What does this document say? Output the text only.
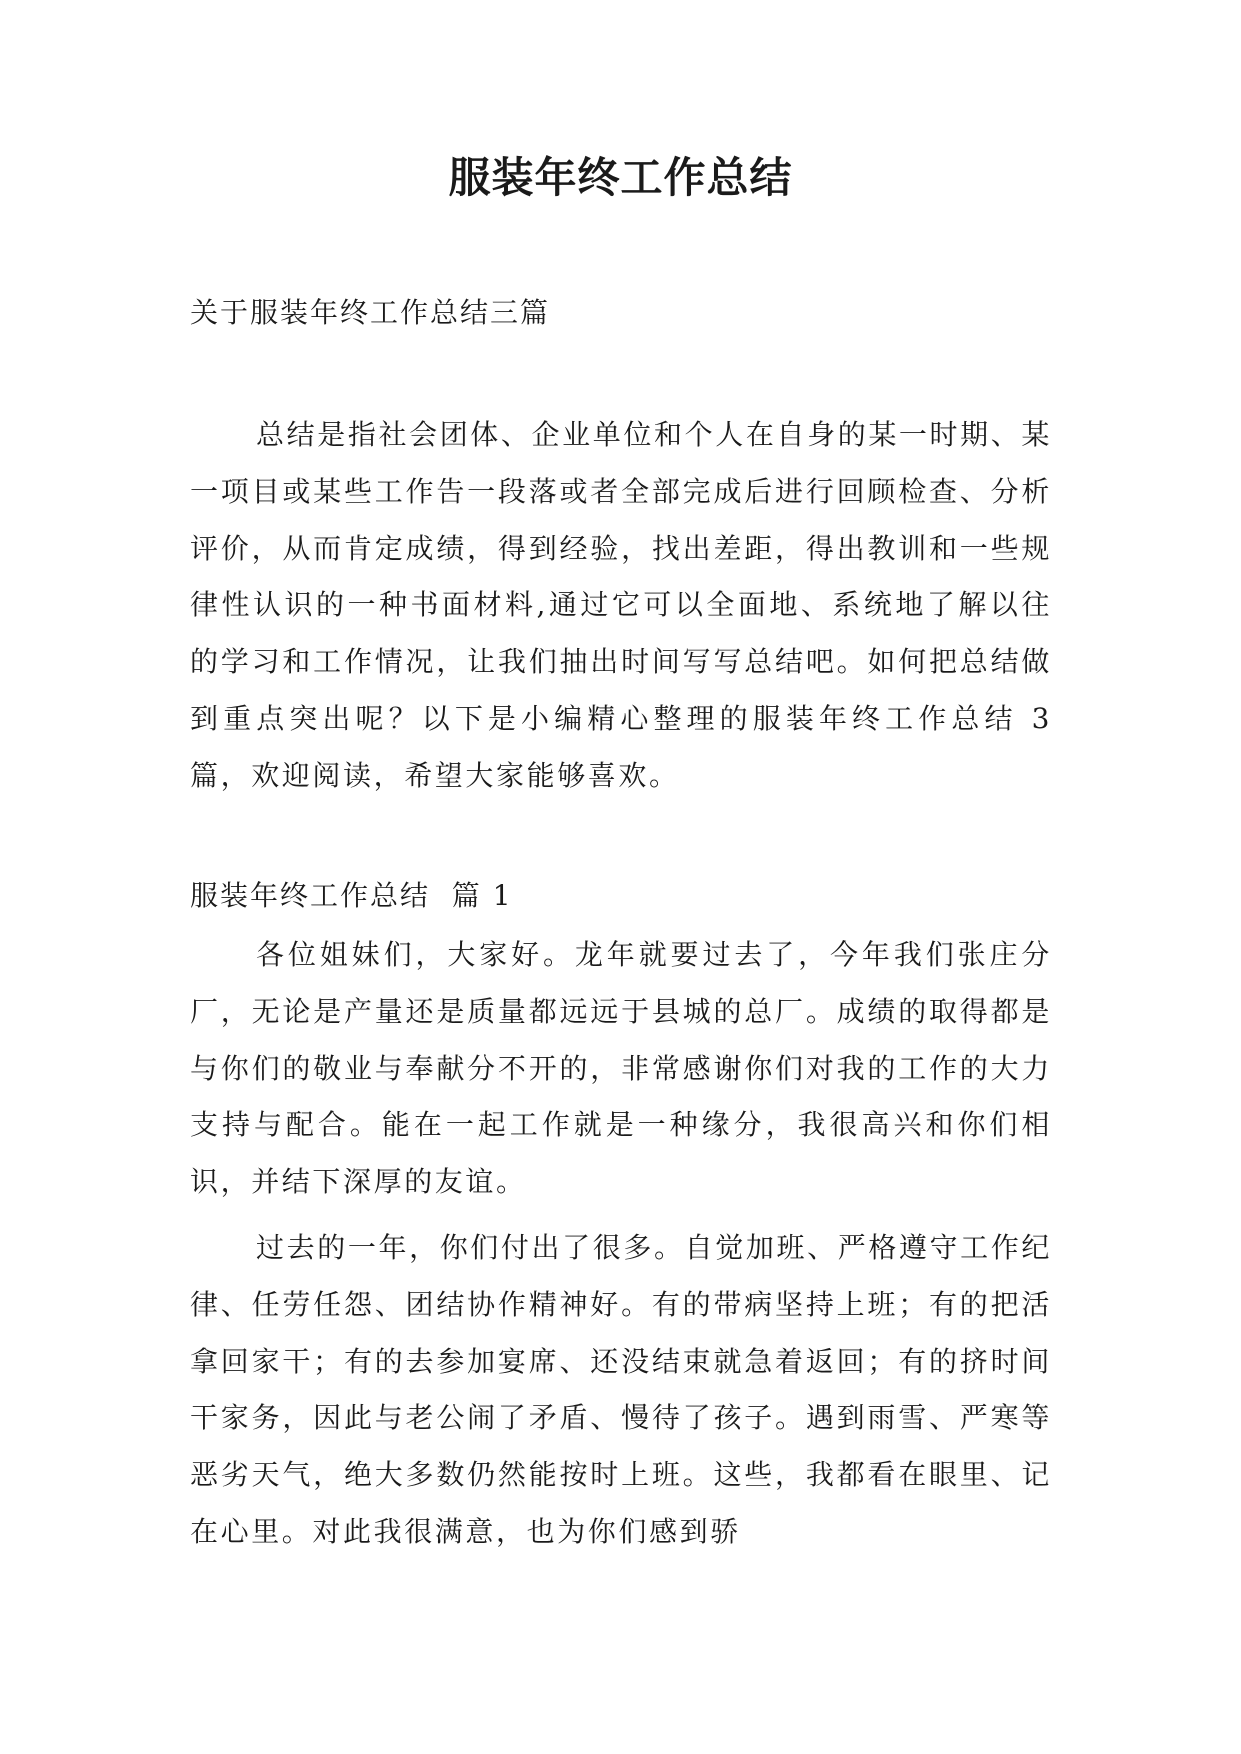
服装年终工作总结

关于服装年终工作总结三篇

总结是指社会团体、企业单位和个人在自身的某一时期、某一项目或某些工作告一段落或者全部完成后进行回顾检查、分析评价，从而肯定成绩，得到经验，找出差距，得出教训和一些规律性认识的一种书面材料,通过它可以全面地、系统地了解以往的学习和工作情况，让我们抽出时间写写总结吧。如何把总结做到重点突出呢？以下是小编精心整理的服装年终工作总结 3 篇，欢迎阅读，希望大家能够喜欢。

服装年终工作总结  篇 1

各位姐妹们，大家好。龙年就要过去了，今年我们张庄分厂，无论是产量还是质量都远远于县城的总厂。成绩的取得都是与你们的敬业与奉献分不开的，非常感谢你们对我的工作的大力支持与配合。能在一起工作就是一种缘分，我很高兴和你们相识，并结下深厚的友谊。

过去的一年，你们付出了很多。自觉加班、严格遵守工作纪律、任劳任怨、团结协作精神好。有的带病坚持上班；有的把活拿回家干；有的去参加宴席、还没结束就急着返回；有的挤时间干家务，因此与老公闹了矛盾、慢待了孩子。遇到雨雪、严寒等恶劣天气，绝大多数仍然能按时上班。这些，我都看在眼里、记在心里。对此我很满意，也为你们感到骄
